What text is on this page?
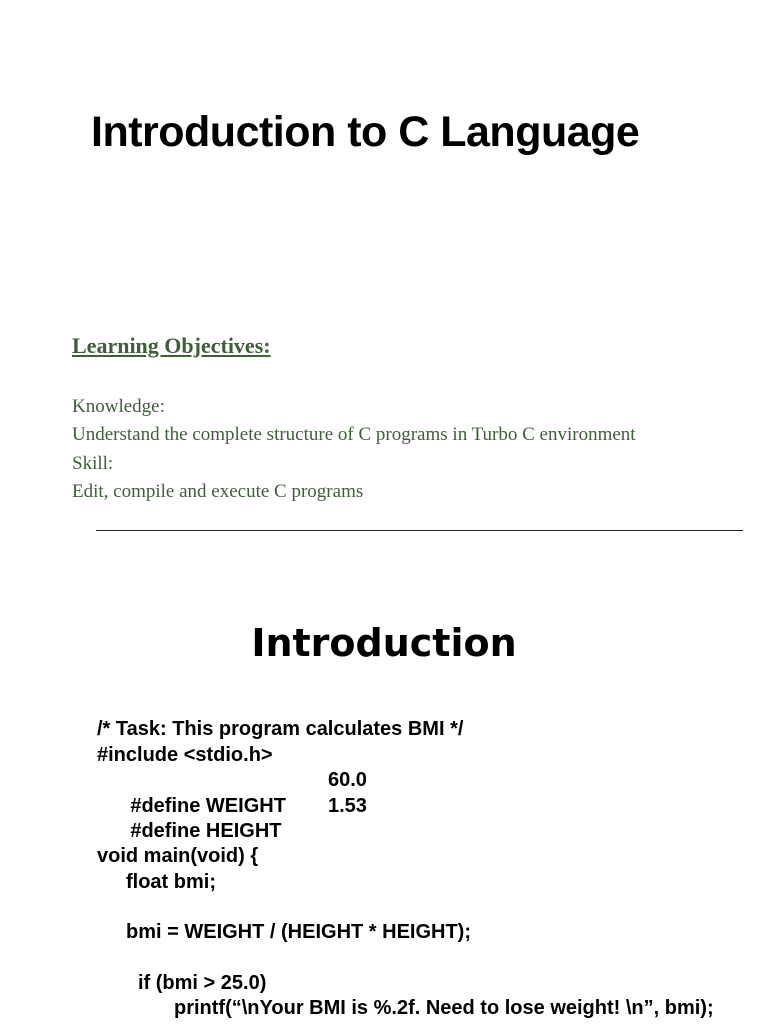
Introduction to C Language
Learning Objectives:
Knowledge:
Understand the complete structure of C programs in Turbo C environment
Skill:
Edit, compile and execute C programs
Introduction
/* Task: This program calculates BMI */
#include <stdio.h>

#define WEIGHT

60.0

#define HEIGHT

1.53

void main(void) {
float bmi;
bmi = WEIGHT / (HEIGHT * HEIGHT);
if (bmi > 25.0)
printf(“\nYour BMI is %.2f. Need to lose weight! \n”, bmi);
